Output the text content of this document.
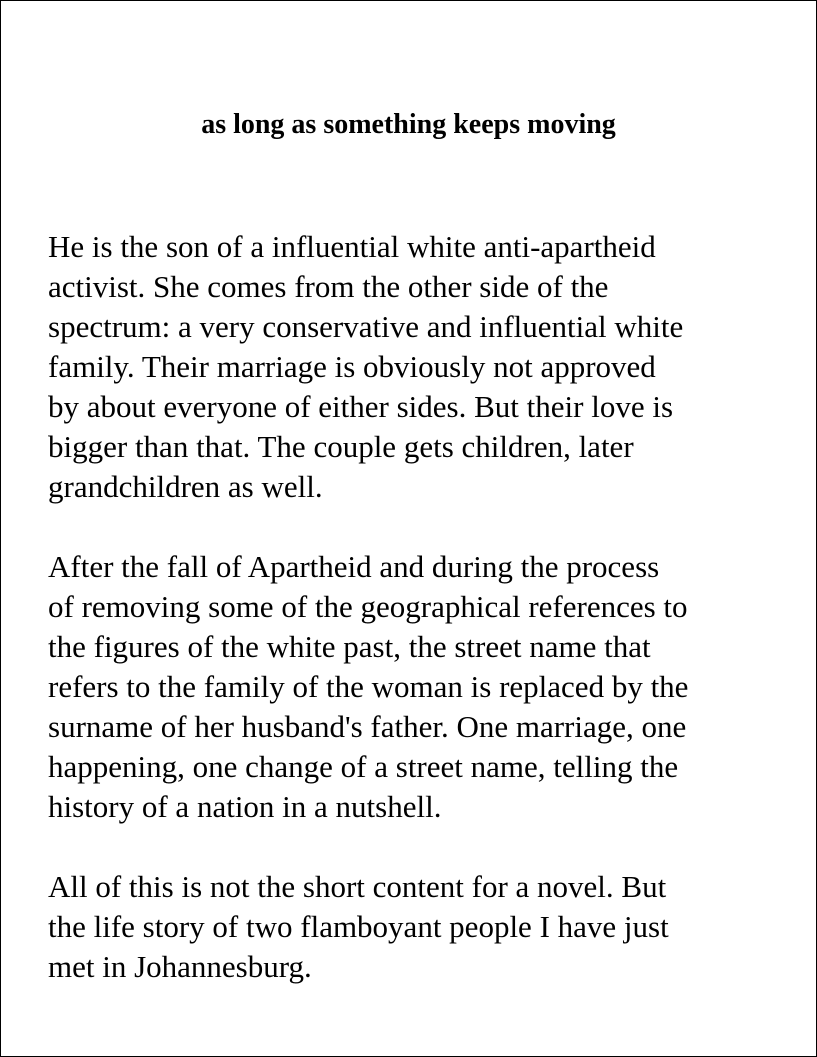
as long as something keeps moving

He is the son of a influential white anti-apartheid
activist. She comes from the other side of the
spectrum: a very conservative and influential white
family. Their marriage is obviously not approved
by about everyone of either sides. But their love is
bigger than that. The couple gets children, later
grandchildren as well.

After the fall of Apartheid and during the process
of removing some of the geographical references to
the figures of the white past, the street name that
refers to the family of the woman is replaced by the
surname of her husband's father. One marriage, one
happening, one change of a street name, telling the
history of a nation in a nutshell.

All of this is not the short content for a novel. But
the life story of two flamboyant people I have just
met in Johannesburg.
